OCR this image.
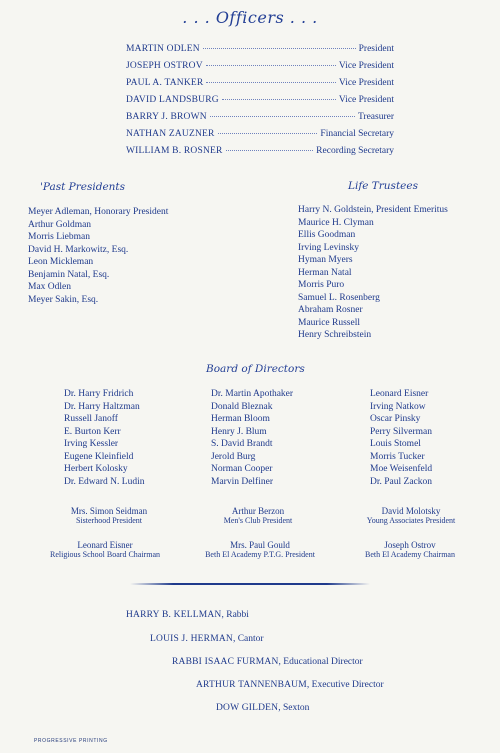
. . . Officers . . .
MARTIN ODLEN	President
JOSEPH OSTROV	Vice President
PAUL A. TANKER	Vice President
DAVID LANDSBURG	Vice President
BARRY J. BROWN	Treasurer
NATHAN ZAUZNER	Financial Secretary
WILLIAM B. ROSNER	Recording Secretary
'Past Presidents
Meyer Adleman, Honorary President
Arthur Goldman
Morris Liebman
David H. Markowitz, Esq.
Leon Mickleman
Benjamin Natal, Esq.
Max Odlen
Meyer Sakin, Esq.
Life Trustees
Harry N. Goldstein, President Emeritus
Maurice H. Clyman
Ellis Goodman
Irving Levinsky
Hyman Myers
Herman Natal
Morris Puro
Samuel L. Rosenberg
Abraham Rosner
Maurice Russell
Henry Schreibstein
Board of Directors
Dr. Harry Fridrich
Dr. Harry Haltzman
Russell Janoff
E. Burton Kerr
Irving Kessler
Eugene Kleinfield
Herbert Kolosky
Dr. Edward N. Ludin
Dr. Martin Apothaker
Donald Bleznak
Herman Bloom
Henry J. Blum
S. David Brandt
Jerold Burg
Norman Cooper
Marvin Delfiner
Leonard Eisner
Irving Natkow
Oscar Pinsky
Perry Silverman
Louis Stomel
Morris Tucker
Moe Weisenfeld
Dr. Paul Zackon
Mrs. Simon Seidman
Sisterhood President
Arthur Berzon
Men's Club President
David Molotsky
Young Associates President
Leonard Eisner
Religious School Board Chairman
Mrs. Paul Gould
Beth El Academy P.T.G. President
Joseph Ostrov
Beth El Academy Chairman
HARRY B. KELLMAN, Rabbi
LOUIS J. HERMAN, Cantor
RABBI ISAAC FURMAN, Educational Director
ARTHUR TANNENBAUM, Executive Director
DOW GILDEN, Sexton
PROGRESSIVE PRINTING
